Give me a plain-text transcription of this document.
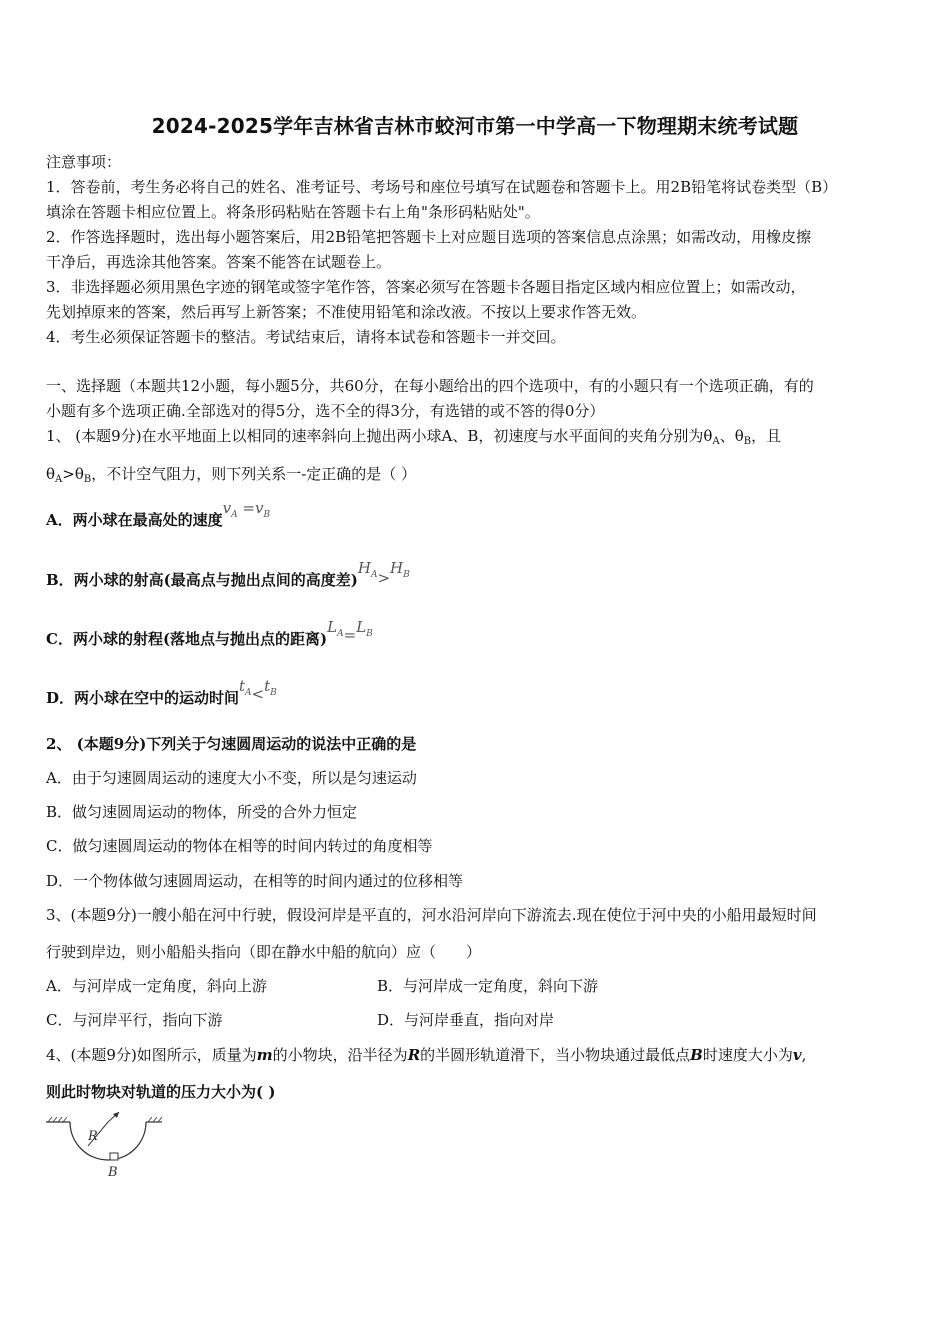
2024-2025学年吉林省吉林市蛟河市第一中学高一下物理期末统考试题
注意事项：
1．答卷前，考生务必将自己的姓名、准考证号、考场号和座位号填写在试题卷和答题卡上。用2B铅笔将试卷类型（B）
填涂在答题卡相应位置上。将条形码粘贴在答题卡右上角"条形码粘贴处"。
2．作答选择题时，选出每小题答案后，用2B铅笔把答题卡上对应题目选项的答案信息点涂黑；如需改动，用橡皮擦
干净后，再选涂其他答案。答案不能答在试题卷上。
3．非选择题必须用黑色字迹的钢笔或签字笔作答，答案必须写在答题卡各题目指定区域内相应位置上；如需改动，
先划掉原来的答案，然后再写上新答案；不准使用铅笔和涂改液。不按以上要求作答无效。
4．考生必须保证答题卡的整洁。考试结束后，请将本试卷和答题卡一并交回。
一、选择题（本题共12小题，每小题5分，共60分，在每小题给出的四个选项中，有的小题只有一个选项正确，有的
小题有多个选项正确.全部选对的得5分，选不全的得3分，有选错的或不答的得0分）
1、 (本题9分)在水平地面上以相同的速率斜向上抛出两小球A、B，初速度与水平面间的夹角分别为$\theta_A$、$\theta_B$，且
$\theta_A>\theta_B$，不计空气阻力，则下列关系一-定正确的是（ ）
A．两小球在最高处的速度$v_A =v_B$
B．两小球的射高(最高点与抛出点间的高度差)$H_A>H_B$
C．两小球的射程(落地点与抛出点的距离)$L_A=L_B$
D．两小球在空中的运动时间$t_A<t_B$
2、 (本题9分)下列关于匀速圆周运动的说法中正确的是
A．由于匀速圆周运动的速度大小不变，所以是匀速运动
B．做匀速圆周运动的物体，所受的合外力恒定
C．做匀速圆周运动的物体在相等的时间内转过的角度相等
D．一个物体做匀速圆周运动，在相等的时间内通过的位移相等
3、(本题9分)一艘小船在河中行驶，假设河岸是平直的，河水沿河岸向下游流去.现在使位于河中央的小船用最短时间
行驶到岸边，则小船船头指向（即在静水中船的航向）应（　　）
A．与河岸成一定角度，斜向上游	B．与河岸成一定角度，斜向下游
C．与河岸平行，指向下游	D．与河岸垂直，指向对岸
4、(本题9分)如图所示，质量为m的小物块，沿半径为R的半圆形轨道滑下，当小物块通过最低点B时速度大小为v,
则此时物块对轨道的压力大小为( )
R
B
